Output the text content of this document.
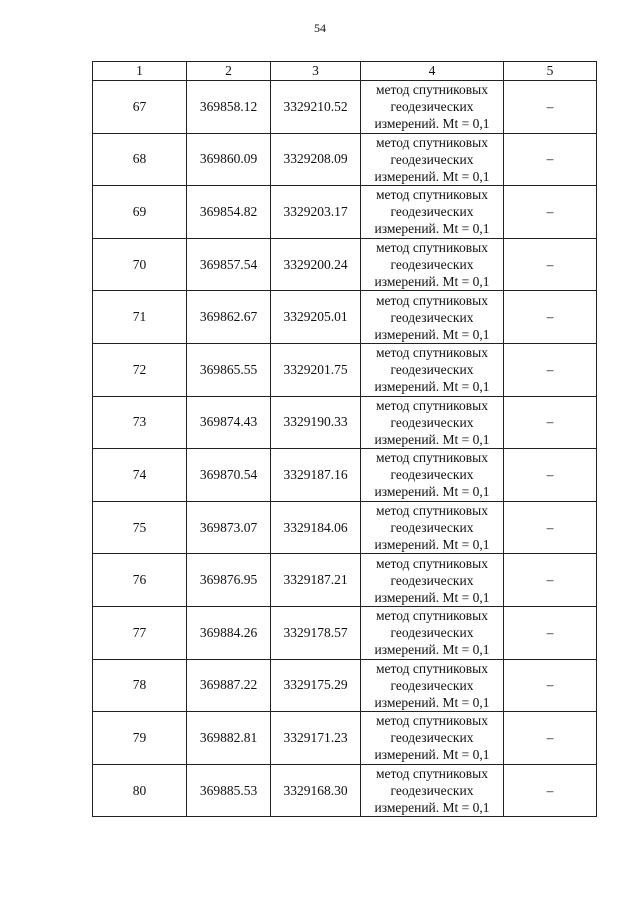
54
1	2	3	4	5
67	369858.12	3329210.52	метод спутниковых
геодезических
измерений. Mt = 0,1	–
68	369860.09	3329208.09	метод спутниковых
геодезических
измерений. Mt = 0,1	–
69	369854.82	3329203.17	метод спутниковых
геодезических
измерений. Mt = 0,1	–
70	369857.54	3329200.24	метод спутниковых
геодезических
измерений. Mt = 0,1	–
71	369862.67	3329205.01	метод спутниковых
геодезических
измерений. Mt = 0,1	–
72	369865.55	3329201.75	метод спутниковых
геодезических
измерений. Mt = 0,1	–
73	369874.43	3329190.33	метод спутниковых
геодезических
измерений. Mt = 0,1	–
74	369870.54	3329187.16	метод спутниковых
геодезических
измерений. Mt = 0,1	–
75	369873.07	3329184.06	метод спутниковых
геодезических
измерений. Mt = 0,1	–
76	369876.95	3329187.21	метод спутниковых
геодезических
измерений. Mt = 0,1	–
77	369884.26	3329178.57	метод спутниковых
геодезических
измерений. Mt = 0,1	–
78	369887.22	3329175.29	метод спутниковых
геодезических
измерений. Mt = 0,1	–
79	369882.81	3329171.23	метод спутниковых
геодезических
измерений. Mt = 0,1	–
80	369885.53	3329168.30	метод спутниковых
геодезических
измерений. Mt = 0,1	–
